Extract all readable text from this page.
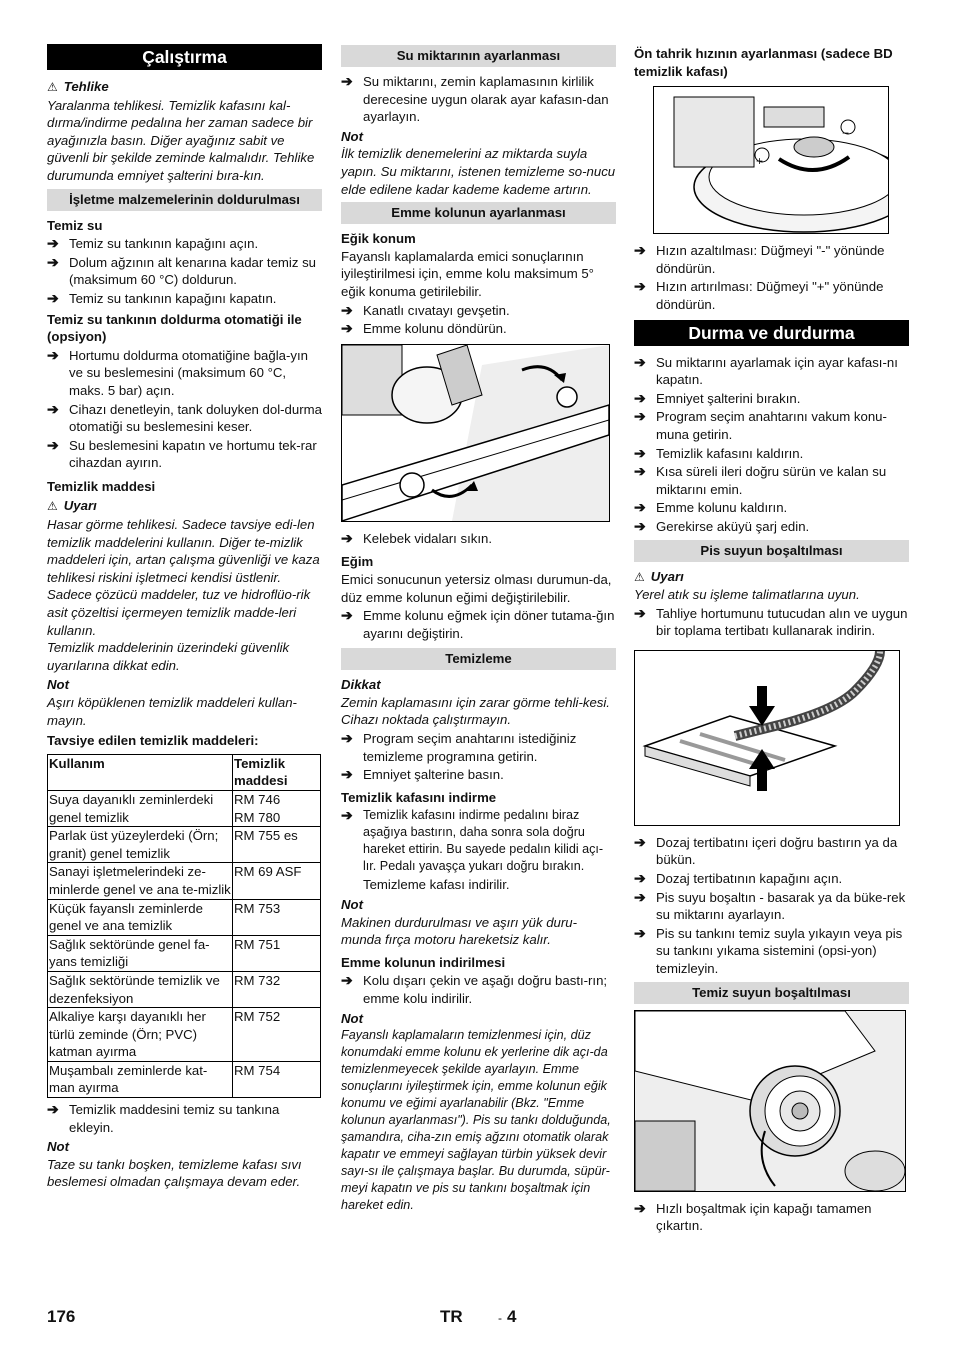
Çalıştırma

⚠ Tehlike

Yaralanma tehlikesi. Temizlik kafasını kal-dırma/indirme pedalına her zaman sadece bir ayağınızla basın. Diğer ayağınız sabit ve güvenli bir şekilde zeminde kalmalıdır. Tehlike durumunda emniyet şalterini bıra-kın.

İşletme malzemelerinin doldurulması

Temiz su

➔ Temiz su tankının kapağını açın.
➔ Dolum ağzının alt kenarına kadar temiz su (maksimum 60 °C) doldurun.
➔ Temiz su tankının kapağını kapatın.

Temiz su tankının doldurma otomatiği ile (opsiyon)

➔ Hortumu doldurma otomatiğine bağla-yın ve su beslemesini (maksimum 60 °C, maks. 5 bar) açın.
➔ Cihazı denetleyin, tank doluyken dol-durma otomatiği su beslemesini keser.
➔ Su beslemesini kapatın ve hortumu tek-rar cihazdan ayırın.

Temizlik maddesi

⚠ Uyarı

Hasar görme tehlikesi. Sadece tavsiye edi-len temizlik maddelerini kullanın. Diğer te-mizlik maddeleri için, artan çalışma güvenliği ve kaza tehlikesi riskini işletmeci kendisi üstlenir.

Sadece çözücü maddeler, tuz ve hidroflüo-rik asit çözeltisi içermeyen temizlik madde-leri kullanın.

Temizlik maddelerinin üzerindeki güvenlik uyarılarına dikkat edin.

Not

Aşırı köpüklenen temizlik maddeleri kullan-mayın.

Tavsiye edilen temizlik maddeleri:

Kullanım	Temizlik maddesi
Suya dayanıklı zeminlerdeki genel temizlik	RM 746
RM 780
Parlak üst yüzeylerdeki (Örn; granit) genel temizlik	RM 755 es
Sanayi işletmelerindeki ze-minlerde genel ve ana te-mizlik	RM 69 ASF
Küçük fayanslı zeminlerde genel ve ana temizlik	RM 753
Sağlık sektöründe genel fa-yans temizliği	RM 751
Sağlık sektöründe temizlik ve dezenfeksiyon	RM 732
Alkaliye karşı dayanıklı her türlü zeminde (Örn; PVC) katman ayırma	RM 752
Muşambalı zeminlerde kat-man ayırma	RM 754
➔ Temizlik maddesini temiz su tankına ekleyin.

Not

Taze su tankı boşken, temizleme kafası sıvı beslemesi olmadan çalışmaya devam eder.

Su miktarının ayarlanması
➔ Su miktarını, zemin kaplamasının kirlilik derecesine uygun olarak ayar kafasın-dan ayarlayın.

Not

İlk temizlik denemelerini az miktarda suyla yapın. Su miktarını, istenen temizleme so-nucu elde edilene kadar kademe kademe artırın.

Emme kolunun ayarlanması

Eğik konum

Fayanslı kaplamalarda emici sonuçlarının iyileştirilmesi için, emme kolu maksimum 5° eğik konuma getirilebilir.

➔ Kanatlı cıvatayı gevşetin.
➔ Emme kolunu döndürün.
➔ Kelebek vidaları sıkın.

Eğim

Emici sonucunun yetersiz olması durumun-da, düz emme kolunun eğimi değiştirilebilir.

➔ Emme kolunu eğmek için döner tutama-ğın ayarını değiştirin.
Temizleme

Dikkat

Zemin kaplamasını için zarar görme tehli-kesi. Cihazı noktada çalıştırmayın.

➔ Program seçim anahtarını istediğiniz temizleme programına getirin.
➔ Emniyet şalterine basın.

Temizlik kafasını indirme

➔ Temizlik kafasını indirme pedalını biraz aşağıya bastırın, daha sonra sola doğru hareket ettirin. Bu sayede pedalın kilidi açı-lır. Pedalı yavaşça yukarı doğru bırakın.

Temizleme kafası indirilir.

Not

Makinen durdurulması ve aşırı yük duru-munda fırça motoru hareketsiz kalır.

Emme kolunun indirilmesi

➔ Kolu dışarı çekin ve aşağı doğru bastı-rın; emme kolu indirilir.

Not

Fayanslı kaplamaların temizlenmesi için, düz konumdaki emme kolunu ek yerlerine dik açı-da temizlenmeyecek şekilde ayarlayın. Emme sonuçlarını iyileştirmek için, emme kolunun eğik konumu ve eğimi ayarlanabilir (Bkz. "Emme kolunun ayarlanması"). Pis su tankı dolduğunda, şamandıra, ciha-zın emiş ağzını otomatik olarak kapatır ve emmeyi sağlayan türbin yüksek devir sayı-sı ile çalışmaya başlar. Bu durumda, süpür-meyi kapatın ve pis su tankını boşaltmak için hareket edin.

Ön tahrik hızının ayarlanması (sadece BD temizlik kafası)

+
−
➔ Hızın azaltılması: Düğmeyi "-" yönünde döndürün.
➔ Hızın artırılması: Düğmeyi "+" yönünde döndürün.
Durma ve durdurma
➔ Su miktarını ayarlamak için ayar kafası-nı kapatın.
➔ Emniyet şalterini bırakın.
➔ Program seçim anahtarını vakum konu-muna getirin.
➔ Temizlik kafasını kaldırın.
➔ Kısa süreli ileri doğru sürün ve kalan su miktarını emin.
➔ Emme kolunu kaldırın.
➔ Gerekirse aküyü şarj edin.
Pis suyun boşaltılması

⚠ Uyarı

Yerel atık su işleme talimatlarına uyun.

➔ Tahliye hortumunu tutucudan alın ve uygun bir toplama tertibatı kullanarak indirin.
➔ Dozaj tertibatını içeri doğru bastırın ya da bükün.
➔ Dozaj tertibatının kapağını açın.
➔ Pis suyu boşaltın - basarak ya da büke-rek su miktarını ayarlayın.
➔ Pis su tankını temiz suyla yıkayın veya pis su tankını yıkama sistemini (opsi-yon) temizleyin.
Temiz suyun boşaltılması
➔ Hızlı boşaltmak için kapağı tamamen çıkartın.
176	TR	- 4
